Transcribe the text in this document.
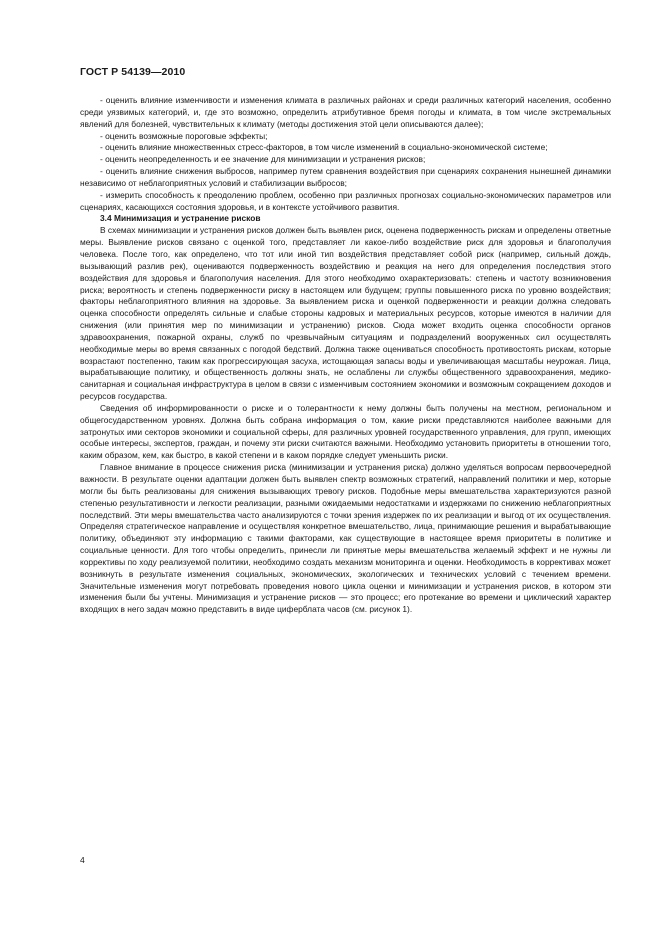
ГОСТ Р 54139—2010

- оценить влияние изменчивости и изменения климата в различных районах и среди различных категорий населения, особенно среди уязвимых категорий, и, где это возможно, определить атрибутивное бремя погоды и климата, в том числе экстремальных явлений для болезней, чувствительных к климату (методы достижения этой цели описываются далее);

- оценить возможные пороговые эффекты;

- оценить влияние множественных стресс-факторов, в том числе изменений в социально-экономической системе;

- оценить неопределенность и ее значение для минимизации и устранения рисков;

- оценить влияние снижения выбросов, например путем сравнения воздействия при сценариях сохранения нынешней динамики независимо от неблагоприятных условий и стабилизации выбросов;

- измерить способность к преодолению проблем, особенно при различных прогнозах социально-экономических параметров или сценариях, касающихся состояния здоровья, и в контексте устойчивого развития.

3.4 Минимизация и устранение рисков

В схемах минимизации и устранения рисков должен быть выявлен риск, оценена подверженность рискам и определены ответные меры. Выявление рисков связано с оценкой того, представляет ли какое-либо воздействие риск для здоровья и благополучия человека. После того, как определено, что тот или иной тип воздействия представляет собой риск (например, сильный дождь, вызывающий разлив рек), оцениваются подверженность воздействию и реакция на него для определения последствия этого воздействия для здоровья и благополучия населения. Для этого необходимо охарактеризовать: степень и частоту возникновения риска; вероятность и степень подверженности риску в настоящем или будущем; группы повышенного риска по уровню воздействия; факторы неблагоприятного влияния на здоровье. За выявлением риска и оценкой подверженности и реакции должна следовать оценка способности определять сильные и слабые стороны кадровых и материальных ресурсов, которые имеются в наличии для снижения (или принятия мер по минимизации и устранению) рисков. Сюда может входить оценка способности органов здравоохранения, пожарной охраны, служб по чрезвычайным ситуациям и подразделений вооруженных сил осуществлять необходимые меры во время связанных с погодой бедствий. Должна также оцениваться способность противостоять рискам, которые возрастают постепенно, таким как прогрессирующая засуха, истощающая запасы воды и увеличивающая масштабы неурожая. Лица, вырабатывающие политику, и общественность должны знать, не ослаблены ли службы общественного здравоохранения, медико-санитарная и социальная инфраструктура в целом в связи с изменчивым состоянием экономики и возможным сокращением доходов и ресурсов государства.

Сведения об информированности о риске и о толерантности к нему должны быть получены на местном, региональном и общегосударственном уровнях. Должна быть собрана информация о том, какие риски представляются наиболее важными для затронутых ими секторов экономики и социальной сферы, для различных уровней государственного управления, для групп, имеющих особые интересы, экспертов, граждан, и почему эти риски считаются важными. Необходимо установить приоритеты в отношении того, каким образом, кем, как быстро, в какой степени и в каком порядке следует уменьшить риски.

Главное внимание в процессе снижения риска (минимизации и устранения риска) должно уделяться вопросам первоочередной важности. В результате оценки адаптации должен быть выявлен спектр возможных стратегий, направлений политики и мер, которые могли бы быть реализованы для снижения вызывающих тревогу рисков. Подобные меры вмешательства характеризуются разной степенью результативности и легкости реализации, разными ожидаемыми недостатками и издержками по снижению неблагоприятных последствий. Эти меры вмешательства часто анализируются с точки зрения издержек по их реализации и выгод от их осуществления. Определяя стратегическое направление и осуществляя конкретное вмешательство, лица, принимающие решения и вырабатывающие политику, объединяют эту информацию с такими факторами, как существующие в настоящее время приоритеты в политике и социальные ценности. Для того чтобы определить, принесли ли принятые меры вмешательства желаемый эффект и не нужны ли коррективы по ходу реализуемой политики, необходимо создать механизм мониторинга и оценки. Необходимость в коррективах может возникнуть в результате изменения социальных, экономических, экологических и технических условий с течением времени. Значительные изменения могут потребовать проведения нового цикла оценки и минимизации и устранения рисков, в котором эти изменения были бы учтены. Минимизация и устранение рисков — это процесс; его протекание во времени и циклический характер входящих в него задач можно представить в виде циферблата часов (см. рисунок 1).

4
